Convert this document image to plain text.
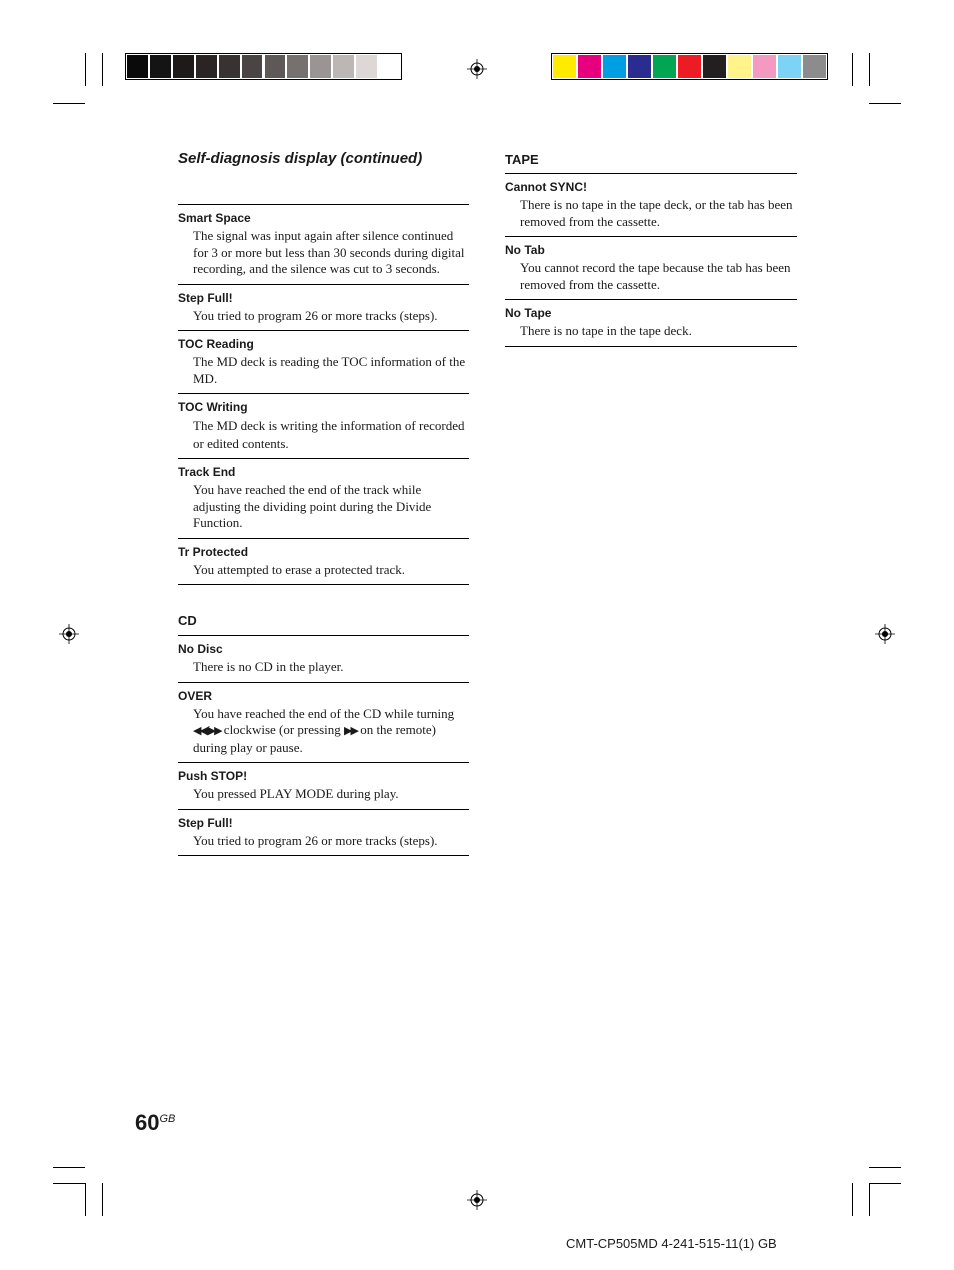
Self-diagnosis display (continued)

Smart Space

The signal was input again after silence continued for 3 or more but less than 30 seconds during digital recording, and the silence was cut to 3 seconds.

Step Full!

You tried to program 26 or more tracks (steps).

TOC Reading

The MD deck is reading the TOC information of the MD.

TOC Writing

The MD deck is writing the information of recorded or edited contents.

Track End

You have reached the end of the track while adjusting the dividing point during the Divide Function.

Tr Protected

You attempted to erase a protected track.

CD

No Disc

There is no CD in the player.

OVER

You have reached the end of the CD while turning ◀◀/▶▶ clockwise (or pressing ▶▶ on the remote) during play or pause.

Push STOP!

You pressed PLAY MODE during play.

Step Full!

You tried to program 26 or more tracks (steps).

TAPE

Cannot SYNC!

There is no tape in the tape deck, or the tab has been removed from the cassette.

No Tab

You cannot record the tape because the tab has been removed from the cassette.

No Tape

There is no tape in the tape deck.

$60^{GB}$
CMT-CP505MD 4-241-515-11(1) GB
